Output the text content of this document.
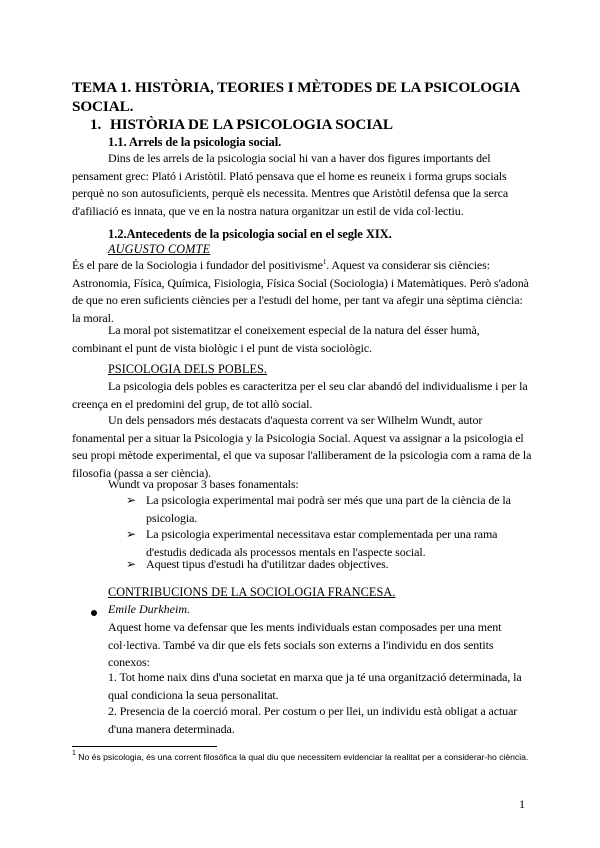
TEMA 1. HISTÒRIA, TEORIES I MÈTODES DE LA PSICOLOGIA SOCIAL.
1. HISTÒRIA DE LA PSICOLOGIA SOCIAL
1.1. Arrels de la psicologia social.
Dins de les arrels de la psicologia social hi van a haver dos figures importants del pensament grec: Plató i Aristòtil. Plató pensava que el home es reuneix i forma grups socials perquè no son autosuficients, perquè els necessita. Mentres que Aristòtil defensa que la serca d'afiliació es innata, que ve en la nostra natura organitzar un estil de vida col·lectiu.
1.2.Antecedents de la psicologia social en el segle XIX.
AUGUSTO COMTE
És el pare de la Sociologia i fundador del positivisme$^1$. Aquest va considerar sis ciències: Astronomia, Física, Química, Fisiologia, Física Social (Sociologia) i Matemàtiques. Però s'adonà de que no eren suficients ciències per a l'estudi del home, per tant va afegir una sèptima ciència: la moral.
La moral pot sistematitzar el coneixement especial de la natura del ésser humà, combinant el punt de vista biològic i el punt de vista sociològic.
PSICOLOGIA DELS POBLES.
La psicologia dels pobles es caracteritza per el seu clar abandó del individualisme i per la creença en el predomini del grup, de tot allò social.
Un dels pensadors més destacats d'aquesta corrent va ser Wilhelm Wundt, autor fonamental per a situar la Psicologia y la Psicologia Social. Aquest va assignar a la psicologia el seu propi mètode experimental, el que va suposar l'alliberament de la psicologia com a rama de la filosofia (passa a ser ciència).
Wundt va proposar 3 bases fonamentals:
➢ La psicologia experimental mai podrà ser més que una part de la ciència de la psicologia.
➢ La psicologia experimental necessitava estar complementada per una rama d'estudis dedicada als processos mentals en l'aspecte social.
➢ Aquest tipus d'estudi ha d'utilitzar dades objectives.
CONTRIBUCIONS DE LA SOCIOLOGIA FRANCESA.
Emile Durkheim.
Aquest home va defensar que les ments individuals estan composades per una ment col·lectiva. També va dir que els fets socials son externs a l'individu en dos sentits conexos:
1. Tot home naix dins d'una societat en marxa que ja té una organització determinada, la qual condiciona la seua personalitat.
2. Presencia de la coerció moral. Per costum o per llei, un individu està obligat a actuar d'una manera determinada.
$^1$ No és psicologia, és una corrent filosòfica la qual diu que necessitem evidenciar la realitat per a considerar-ho ciència.
1
